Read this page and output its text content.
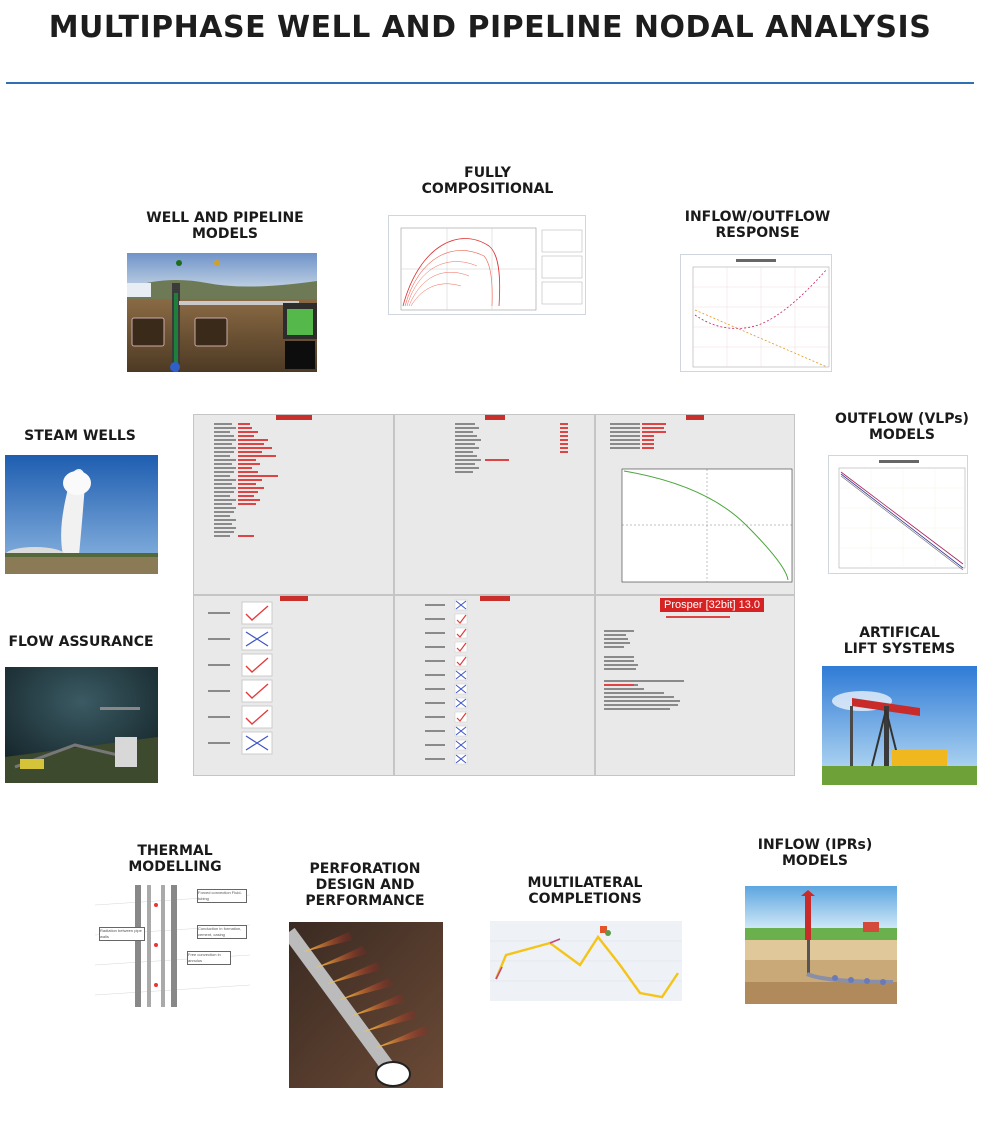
MULTIPHASE WELL AND PIPELINE NODAL ANALYSIS
WELL AND PIPELINE
MODELS
FULLY
COMPOSITIONAL
INFLOW/OUTFLOW
RESPONSE
STEAM WELLS
OUTFLOW (VLPs)
MODELS
FLOW ASSURANCE
ARTIFICAL
LIFT SYSTEMS
THERMAL
MODELLING	PERFORATION
DESIGN AND
PERFORMANCE
MULTILATERAL
COMPLETIONS
INFLOW (IPRs)
MODELS
Prosper [32bit] 13.0
Forced convection Fluid-tubing
Radiation between pipe walls
Conduction in formation, cement, casing
Free convection in annulus
